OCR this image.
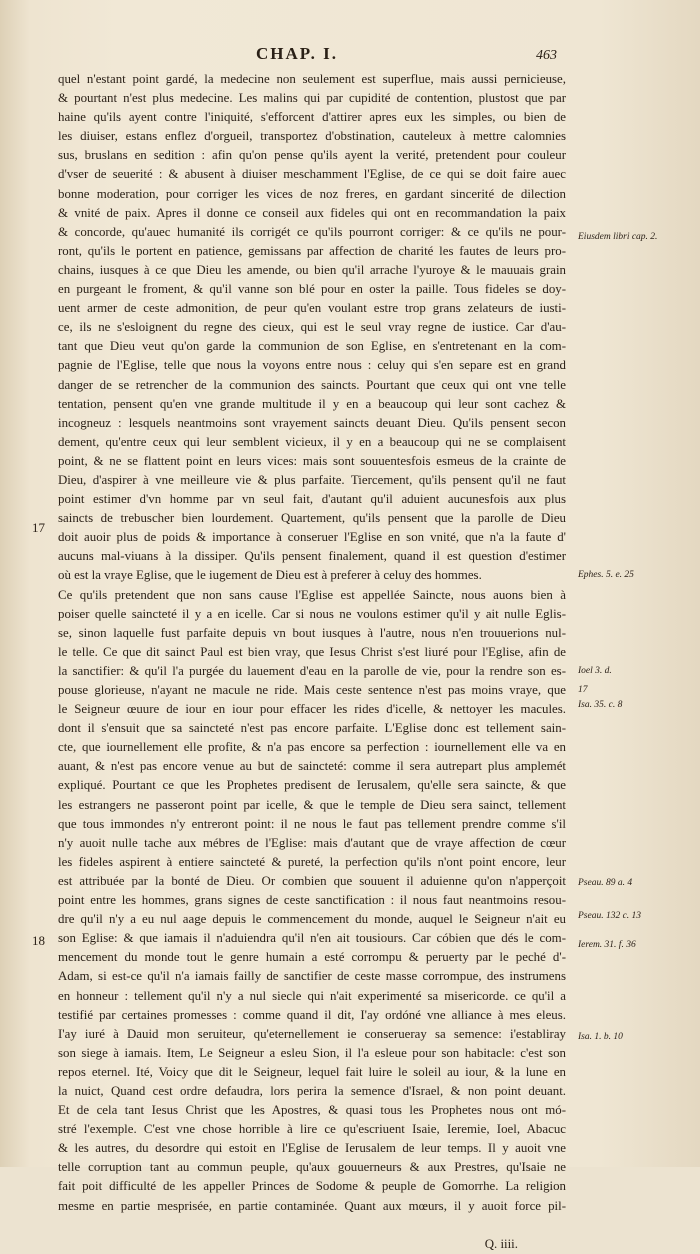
CHAP. I.	463
17
18
Eiusdem libri cap. 2.
Ephes. 5. e. 25
Ioel 3. d.
17
Isa. 35. c. 8
Pseau. 89 a. 4
Pseau. 132 c. 13
Ierem. 31. f. 36
Isa. 1. b. 10
quel n'estant point gardé, la medecine non seulement est superflue, mais aussi pernicieuse,
& pourtant n'est plus medecine. Les malins qui par cupidité de contention, plustost que par
haine qu'ils ayent contre l'iniquité, s'efforcent d'attirer apres eux les simples, ou bien de
les diuiser, estans enflez d'orgueil, transportez d'obstination, cauteleux à mettre calomnies
sus, bruslans en sedition : afin qu'on pense qu'ils ayent la verité, pretendent pour couleur
d'vser de seuerité : & abusent à diuiser meschamment l'Eglise, de ce qui se doit faire auec
bonne moderation, pour corriger les vices de noz freres, en gardant sincerité de dilection
& vnité de paix. Apres il donne ce conseil aux fideles qui ont en recommandation la paix
& concorde, qu'auec humanité ils corrigét ce qu'ils pourront corriger: & ce qu'ils ne pour-
ront, qu'ils le portent en patience, gemissans par affection de charité les fautes de leurs pro-
chains, iusques à ce que Dieu les amende, ou bien qu'il arrache l'yuroye & le mauuais grain
en purgeant le froment, & qu'il vanne son blé pour en oster la paille. Tous fideles se doy-
uent armer de ceste admonition, de peur qu'en voulant estre trop grans zelateurs de iusti-
ce, ils ne s'esloignent du regne des cieux, qui est le seul vray regne de iustice. Car d'au-
tant que Dieu veut qu'on garde la communion de son Eglise, en s'entretenant en la com-
pagnie de l'Eglise, telle que nous la voyons entre nous : celuy qui s'en separe est en grand
danger de se retrencher de la communion des saincts. Pourtant que ceux qui ont vne telle
tentation, pensent qu'en vne grande multitude il y en a beaucoup qui leur sont cachez &
incogneuz : lesquels neantmoins sont vrayement saincts deuant Dieu. Qu'ils pensent secon
dement, qu'entre ceux qui leur semblent vicieux, il y en a beaucoup qui ne se complaisent
point, & ne se flattent point en leurs vices: mais sont souuentesfois esmeus de la crainte de
Dieu, d'aspirer à vne meilleure vie & plus parfaite. Tiercement, qu'ils pensent qu'il ne faut
point estimer d'vn homme par vn seul fait, d'autant qu'il aduient aucunesfois aux plus
saincts de trebuscher bien lourdement. Quartement, qu'ils pensent que la parolle de Dieu
doit auoir plus de poids & importance à conseruer l'Eglise en son vnité, que n'a la faute d'
aucuns mal-viuans à la dissiper. Qu'ils pensent finalement, quand il est question d'estimer
où est la vraye Eglise, que le iugement de Dieu est à preferer à celuy des hommes.
Ce qu'ils pretendent que non sans cause l'Eglise est appellée Saincte, nous auons bien à
poiser quelle saincteté il y a en icelle. Car si nous ne voulons estimer qu'il y ait nulle Eglis-
se, sinon laquelle fust parfaite depuis vn bout iusques à l'autre, nous n'en trouuerions nul-
le telle. Ce que dit sainct Paul est bien vray, que Iesus Christ s'est liuré pour l'Eglise, afin de
la sanctifier: & qu'il l'a purgée du lauement d'eau en la parolle de vie, pour la rendre son es-
pouse glorieuse, n'ayant ne macule ne ride. Mais ceste sentence n'est pas moins vraye, que
le Seigneur œuure de iour en iour pour effacer les rides d'icelle, & nettoyer les macules.
dont il s'ensuit que sa saincteté n'est pas encore parfaite. L'Eglise donc est tellement sain-
cte, que iournellement elle profite, & n'a pas encore sa perfection : iournellement elle va en
auant, & n'est pas encore venue au but de saincteté: comme il sera autrepart plus amplemét
expliqué. Pourtant ce que les Prophetes predisent de Ierusalem, qu'elle sera saincte, & que
les estrangers ne passeront point par icelle, & que le temple de Dieu sera sainct, tellement
que tous immondes n'y entreront point: il ne nous le faut pas tellement prendre comme s'il
n'y auoit nulle tache aux mébres de l'Eglise: mais d'autant que de vraye affection de cœur
les fideles aspirent à entiere saincteté & pureté, la perfection qu'ils n'ont point encore, leur
est attribuée par la bonté de Dieu. Or combien que souuent il aduienne qu'on n'apperçoit
point entre les hommes, grans signes de ceste sanctification : il nous faut neantmoins resou-
dre qu'il n'y a eu nul aage depuis le commencement du monde, auquel le Seigneur n'ait eu
son Eglise: & que iamais il n'aduiendra qu'il n'en ait tousiours. Car cóbien que dés le com-
mencement du monde tout le genre humain a esté corrompu & peruerty par le peché d'-
Adam, si est-ce qu'il n'a iamais failly de sanctifier de ceste masse corrompue, des instrumens
en honneur : tellement qu'il n'y a nul siecle qui n'ait experimenté sa misericorde. ce qu'il a
testifié par certaines promesses : comme quand il dit, I'ay ordóné vne alliance à mes eleus.
I'ay iuré à Dauid mon seruiteur, qu'eternellement ie conserueray sa semence: i'establiray
son siege à iamais. Item, Le Seigneur a esleu Sion, il l'a esleue pour son habitacle: c'est son
repos eternel. Ité, Voicy que dit le Seigneur, lequel fait luire le soleil au iour, & la lune en
la nuict, Quand cest ordre defaudra, lors perira la semence d'Israel, & non point deuant.
Et de cela tant Iesus Christ que les Apostres, & quasi tous les Prophetes nous ont mó-
stré l'exemple. C'est vne chose horrible à lire ce qu'escriuent Isaie, Ieremie, Ioel, Abacuc
& les autres, du desordre qui estoit en l'Eglise de Ierusalem de leur temps. Il y auoit vne
telle corruption tant au commun peuple, qu'aux gouuerneurs & aux Prestres, qu'Isaie ne
fait poit difficulté de les appeller Princes de Sodome & peuple de Gomorrhe. La religion
mesme en partie mesprisée, en partie contaminée. Quant aux mœurs, il y auoit force pil-
Q. iiii.
